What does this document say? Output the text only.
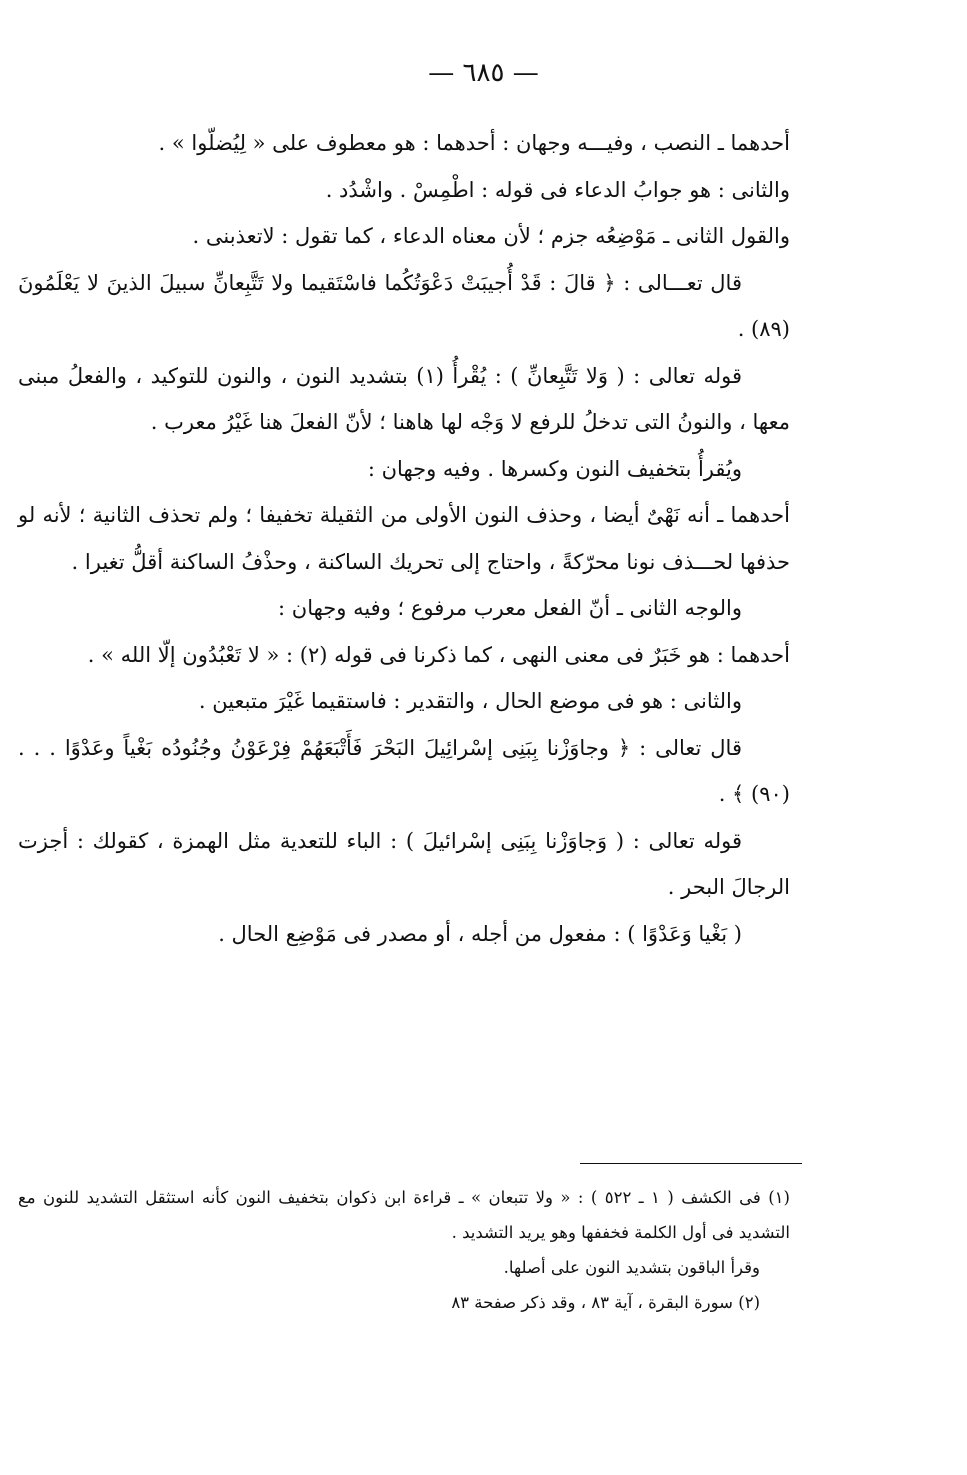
— ٦٨٥ —

أحدهما ـ النصب ، وفيـــه وجهان : أحدهما : هو معطوف على « لِيُضلّوا » .

والثانى : هو جوابُ الدعاء فى قوله : اطْمِسْ . واشْدُد .

والقول الثانى ـ مَوْضِعُه جزم ؛ لأن معناه الدعاء ، كما تقول : لاتعذبنى .

قال تعـــالى : ﴿ قالَ : قَدْ أُجيبَتْ دَعْوَتُكُما فاسْتَقيما ولا تَتَّبِعانِّ سبيلَ الذينَ لا يَعْلَمُونَ (٨٩) .

قوله تعالى : ( وَلا تَتَّبِعانِّ ) : يُقْرأُ (١) بتشديد النون ، والنون للتوكيد ، والفعلُ مبنى معها ، والنونُ التى تدخلُ للرفع لا وَجْه لها هاهنا ؛ لأنّ الفعلَ هنا غَيْرُ معرب .

ويُقرأُ بتخفيف النون وكسرها . وفيه وجهان :

أحدهما ـ أنه نَهْىٌ أيضا ، وحذف النون الأولى من الثقيلة تخفيفا ؛ ولم تحذف الثانية ؛ لأنه لو حذفها لحـــذف نونا محرّكةً ، واحتاج إلى تحريك الساكنة ، وحذْفُ الساكنة أقلُّ تغيرا .

والوجه الثانى ـ أنّ الفعل معرب مرفوع ؛ وفيه وجهان :

أحدهما : هو خَبَرٌ فى معنى النهى ، كما ذكرنا فى قوله (٢) : « لا تَعْبُدُون إلّا الله » .

والثانى : هو فى موضع الحال ، والتقدير : فاستقيما غَيْرَ متبعين .

قال تعالى : ﴿ وجاوَزْنا بِبَنِى إسْرائِيلَ البَحْرَ فَأَتْبَعَهُمْ فِرْعَوْنُ وجُنُودُه بَغْياً وعَدْوًا . . . (٩٠) ﴾ .

قوله تعالى : ( وَجاوَزْنا بِبَنِى إسْرائيلَ ) : الباء للتعدية مثل الهمزة ، كقولك : أجزت الرجالَ البحر .

( بَغْيا وَعَدْوًا ) : مفعول من أجله ، أو مصدر فى مَوْضِع الحال .

(١) فى الكشف ( ١ ـ ٥٢٢ ) : « ولا تتبعان » ـ قراءة ابن ذكوان بتخفيف النون كأنه استثقل التشديد للنون مع التشديد فى أول الكلمة فخففها وهو يريد التشديد .

وقرأ الباقون بتشديد النون على أصلها.

(٢) سورة البقرة ، آية ٨٣ ، وقد ذكر صفحة ٨٣
